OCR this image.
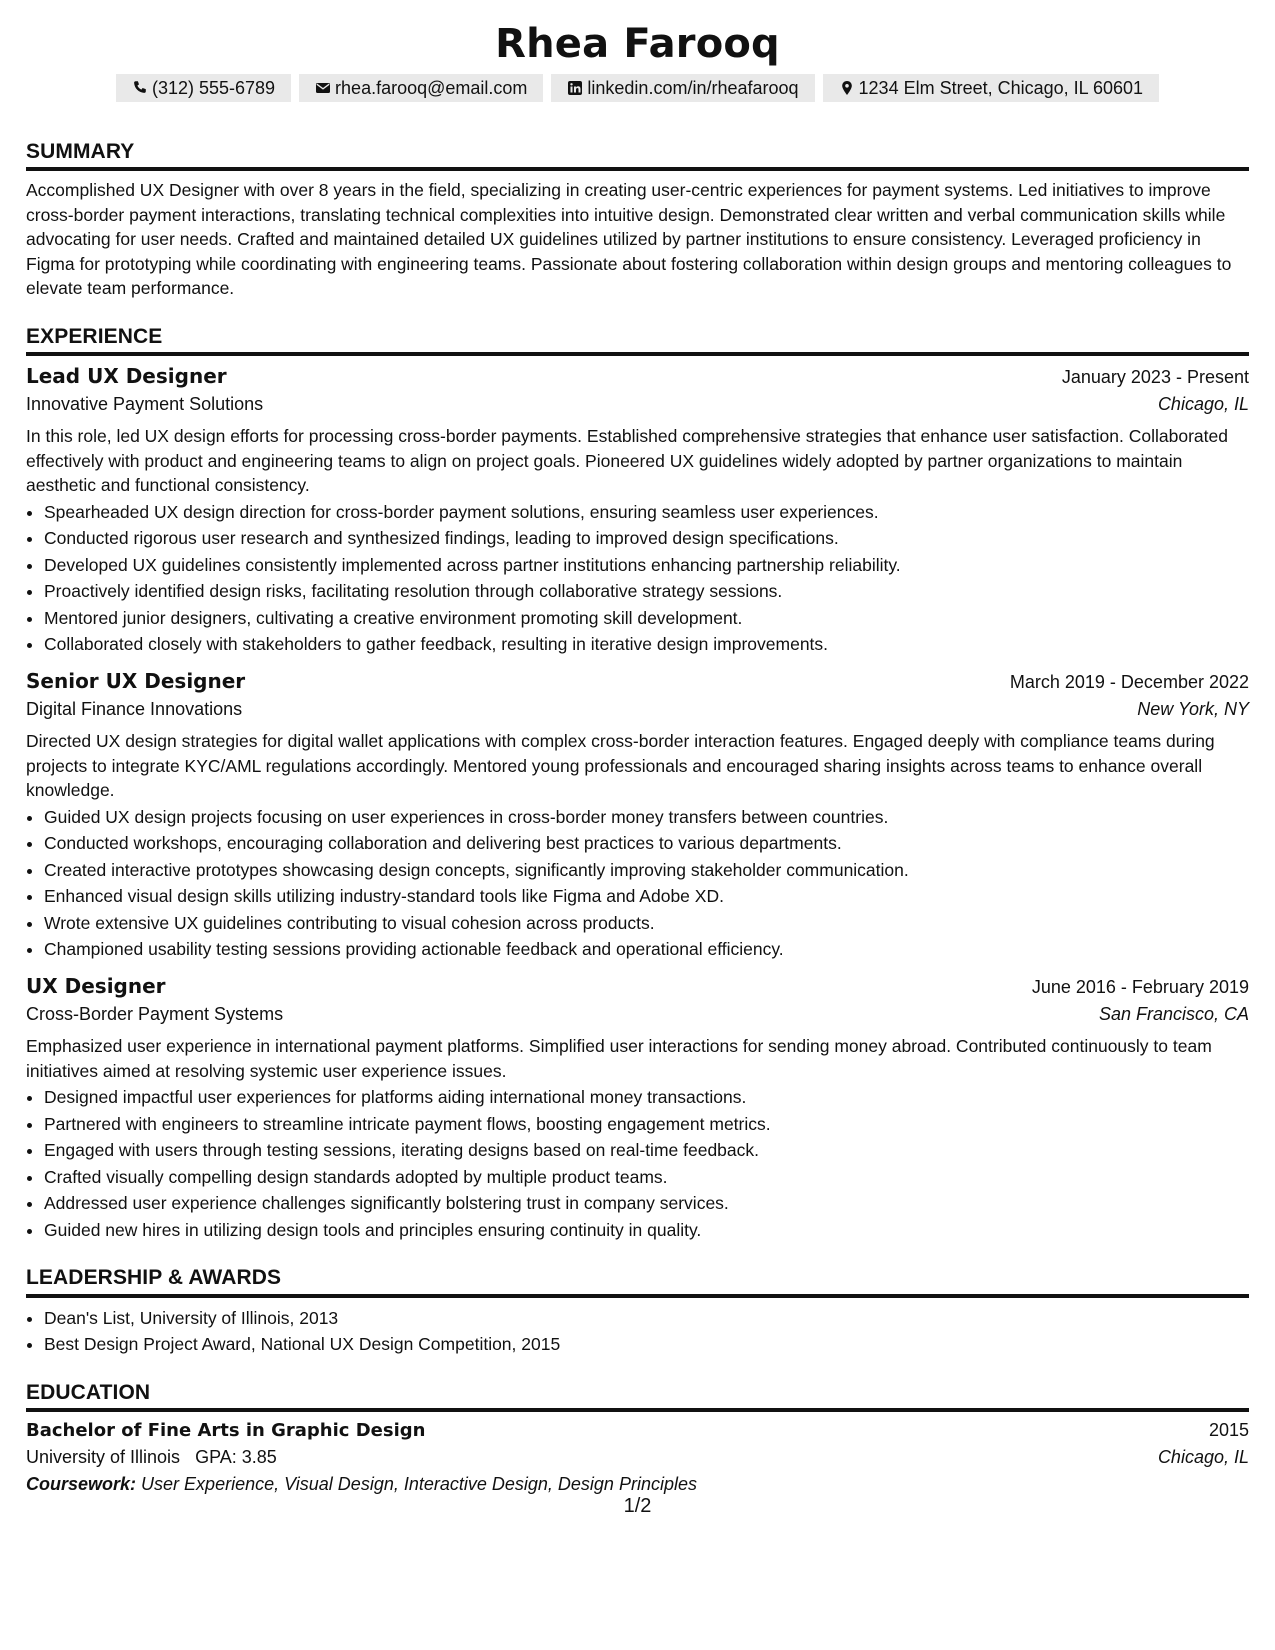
Rhea Farooq
(312) 555-6789	rhea.farooq@email.com	linkedin.com/in/rheafarooq	1234 Elm Street, Chicago, IL 60601
SUMMARY
Accomplished UX Designer with over 8 years in the field, specializing in creating user-centric experiences for payment systems. Led initiatives to improve cross-border payment interactions, translating technical complexities into intuitive design. Demonstrated clear written and verbal communication skills while advocating for user needs. Crafted and maintained detailed UX guidelines utilized by partner institutions to ensure consistency. Leveraged proficiency in Figma for prototyping while coordinating with engineering teams. Passionate about fostering collaboration within design groups and mentoring colleagues to elevate team performance.
EXPERIENCE
Lead UX Designer	January 2023 - Present
Innovative Payment Solutions	Chicago, IL
In this role, led UX design efforts for processing cross-border payments. Established comprehensive strategies that enhance user satisfaction. Collaborated effectively with product and engineering teams to align on project goals. Pioneered UX guidelines widely adopted by partner organizations to maintain aesthetic and functional consistency.
• Spearheaded UX design direction for cross-border payment solutions, ensuring seamless user experiences.
• Conducted rigorous user research and synthesized findings, leading to improved design specifications.
• Developed UX guidelines consistently implemented across partner institutions enhancing partnership reliability.
• Proactively identified design risks, facilitating resolution through collaborative strategy sessions.
• Mentored junior designers, cultivating a creative environment promoting skill development.
• Collaborated closely with stakeholders to gather feedback, resulting in iterative design improvements.
Senior UX Designer	March 2019 - December 2022
Digital Finance Innovations	New York, NY
Directed UX design strategies for digital wallet applications with complex cross-border interaction features. Engaged deeply with compliance teams during projects to integrate KYC/AML regulations accordingly. Mentored young professionals and encouraged sharing insights across teams to enhance overall knowledge.
• Guided UX design projects focusing on user experiences in cross-border money transfers between countries.
• Conducted workshops, encouraging collaboration and delivering best practices to various departments.
• Created interactive prototypes showcasing design concepts, significantly improving stakeholder communication.
• Enhanced visual design skills utilizing industry-standard tools like Figma and Adobe XD.
• Wrote extensive UX guidelines contributing to visual cohesion across products.
• Championed usability testing sessions providing actionable feedback and operational efficiency.
UX Designer	June 2016 - February 2019
Cross-Border Payment Systems	San Francisco, CA
Emphasized user experience in international payment platforms. Simplified user interactions for sending money abroad. Contributed continuously to team initiatives aimed at resolving systemic user experience issues.
• Designed impactful user experiences for platforms aiding international money transactions.
• Partnered with engineers to streamline intricate payment flows, boosting engagement metrics.
• Engaged with users through testing sessions, iterating designs based on real-time feedback.
• Crafted visually compelling design standards adopted by multiple product teams.
• Addressed user experience challenges significantly bolstering trust in company services.
• Guided new hires in utilizing design tools and principles ensuring continuity in quality.
LEADERSHIP & AWARDS
• Dean's List, University of Illinois, 2013
• Best Design Project Award, National UX Design Competition, 2015
EDUCATION
Bachelor of Fine Arts in Graphic Design	2015
University of Illinois GPA: 3.85	Chicago, IL
Coursework: User Experience, Visual Design, Interactive Design, Design Principles
1/2
